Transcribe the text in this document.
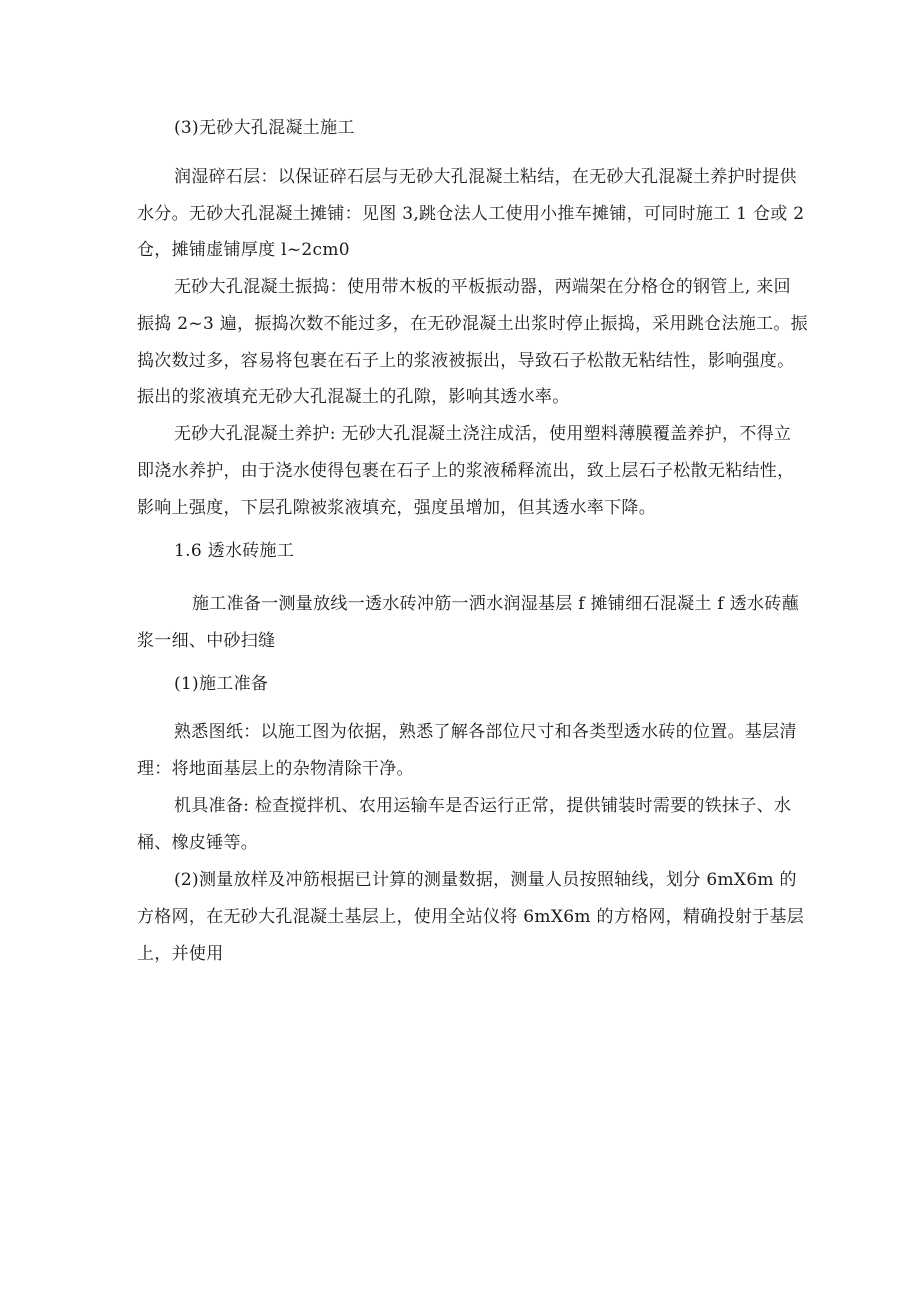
(3)无砂大孔混凝土施工

润湿碎石层：以保证碎石层与无砂大孔混凝土粘结，在无砂大孔混凝土养护时提供

水分。无砂大孔混凝土摊铺：见图 3,跳仓法人工使用小推车摊铺，可同时施工 1 仓或 2

仓，摊铺虚铺厚度 l~2cm0

无砂大孔混凝土振捣：使用带木板的平板振动器，两端架在分格仓的钢管上, 来回

振捣 2~3 遍，振捣次数不能过多，在无砂混凝土出浆时停止振捣，采用跳仓法施工。振

捣次数过多，容易将包裹在石子上的浆液被振出，导致石子松散无粘结性，影响强度。

振出的浆液填充无砂大孔混凝土的孔隙，影响其透水率。

无砂大孔混凝土养护: 无砂大孔混凝土浇注成活，使用塑料薄膜覆盖养护，不得立

即浇水养护，由于浇水使得包裹在石子上的浆液稀释流出，致上层石子松散无粘结性，

影响上强度，下层孔隙被浆液填充，强度虽增加，但其透水率下降。

1.6 透水砖施工

施工准备一测量放线一透水砖冲筋一洒水润湿基层 f 摊铺细石混凝土 f 透水砖蘸

浆一细、中砂扫缝

(1)施工准备

熟悉图纸：以施工图为依据，熟悉了解各部位尺寸和各类型透水砖的位置。基层清

理：将地面基层上的杂物清除干净。

机具准备: 检查搅拌机、农用运输车是否运行正常，提供铺装时需要的铁抹子、水

桶、橡皮锤等。

(2)测量放样及冲筋根据已计算的测量数据，测量人员按照轴线，划分 6mX6m 的

方格网，在无砂大孔混凝土基层上，使用全站仪将 6mX6m 的方格网，精确投射于基层

上，并使用
